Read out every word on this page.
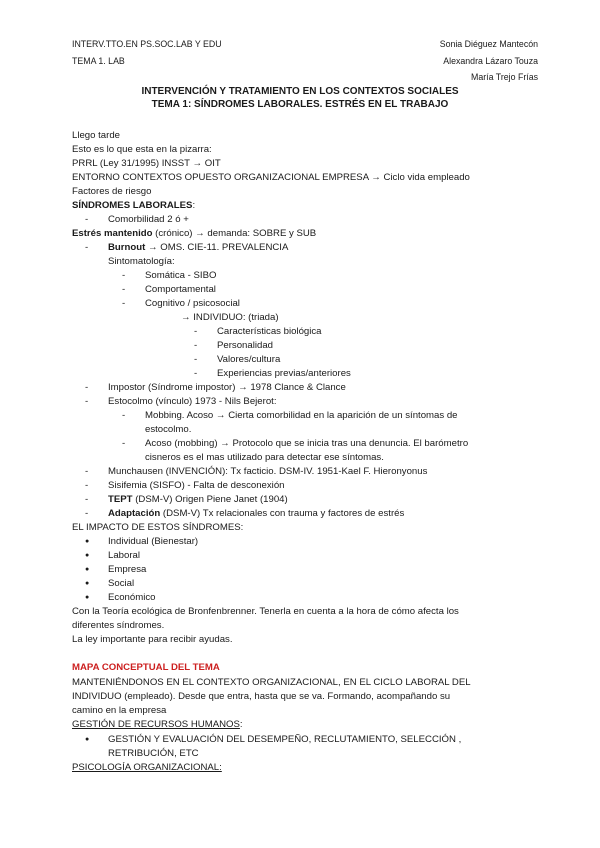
INTERV.TTO.EN PS.SOC.LAB Y EDU
TEMA 1. LAB
Sonia Diéguez Mantecón
Alexandra Lázaro Touza
María Trejo Frías
INTERVENCIÓN Y TRATAMIENTO EN LOS CONTEXTOS SOCIALES
TEMA 1: SÍNDROMES LABORALES. ESTRÉS EN EL TRABAJO
Llego tarde
Esto es lo que esta en la pizarra:
PRRL (Ley 31/1995) INSST → OIT
ENTORNO CONTEXTOS OPUESTO ORGANIZACIONAL EMPRESA → Ciclo vida empleado
Factores de riesgo
SÍNDROMES LABORALES:
- Comorbilidad 2 ó +
Estrés mantenido (crónico) → demanda: SOBRE y SUB
- Burnout → OMS. CIE-11. PREVALENCIA
Sintomatología:
- Somática - SIBO
- Comportamental
- Cognitivo / psicosocial
→ INDIVIDUO: (triada)
- Características biológica
- Personalidad
- Valores/cultura
- Experiencias previas/anteriores
- Impostor (Síndrome impostor) → 1978 Clance & Clance
- Estocolmo (vínculo) 1973 - Nils Bejerot:
- Mobbing. Acoso → Cierta comorbilidad en la aparición de un síntomas de
estocolmo.
- Acoso (mobbing) → Protocolo que se inicia tras una denuncia. El barómetro
cisneros es el mas utilizado para detectar ese síntomas.
- Munchausen (INVENCIÓN): Tx facticio. DSM-IV. 1951-Kael F. Hieronyonus
- Sisifemia (SISFO) - Falta de desconexión
- TEPT (DSM-V) Origen Piene Janet (1904)
- Adaptación (DSM-V) Tx relacionales con trauma y factores de estrés
EL IMPACTO DE ESTOS SÍNDROMES:
● Individual (Bienestar)
● Laboral
● Empresa
● Social
● Económico
Con la Teoría ecológica de Bronfenbrenner. Tenerla en cuenta a la hora de cómo afecta los
diferentes síndromes.
La ley importante para recibir ayudas.
MAPA CONCEPTUAL DEL TEMA
MANTENIÉNDONOS EN EL CONTEXTO ORGANIZACIONAL, EN EL CICLO LABORAL DEL
INDIVIDUO (empleado). Desde que entra, hasta que se va. Formando, acompañando su
camino en la empresa
GESTIÓN DE RECURSOS HUMANOS:
● GESTIÓN Y EVALUACIÓN DEL DESEMPEÑO, RECLUTAMIENTO, SELECCIÓN ,
RETRIBUCIÓN, ETC
PSICOLOGÍA ORGANIZACIONAL:
